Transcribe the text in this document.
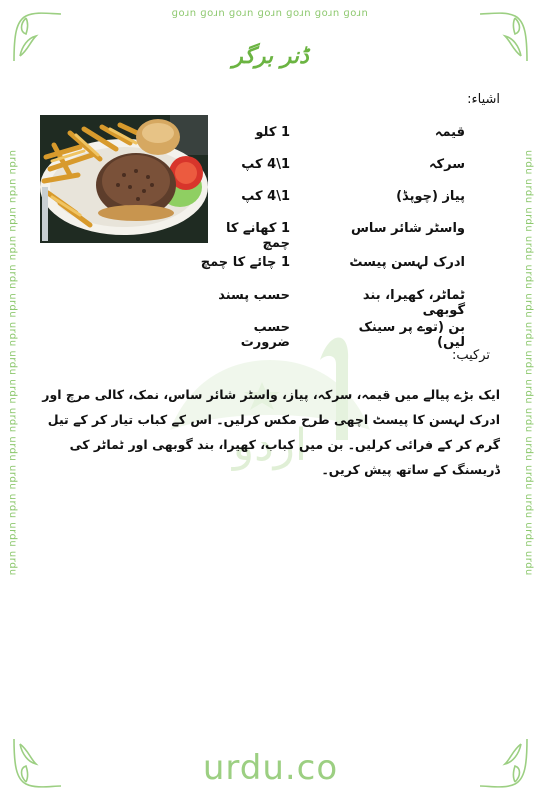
ɡoɹn ɡoɹn ɡoɹn ɡoɹn ɡoɹn ɡoɹn ɡoɹn
urdu urdu urdu urdu urdu urdu urdu urdu urdu urdu urdu urdu urdu urdu urdu	urdu urdu urdu urdu urdu urdu urdu urdu urdu urdu urdu urdu urdu urdu urdu
ڈنر برگر
اشیاء:
قیمہ
1 کلو
سرکہ
1\4 کپ
پیاز (چوپڈ)
1\4 کپ
واسٹر شائر ساس
1 کھانے کا چمچ
ادرک لہسن پیسٹ
1 چائے کا چمچ
ٹماٹر، کھیرا، بند گوبھی
حسب پسند
بن (توے پر سینک لیں)
حسب ضرورت
اردو
ترکیب:
ایک بڑے پیالے میں قیمہ، سرکہ، پیاز، واسٹر شائر ساس، نمک، کالی مرچ اور ادرک لہسن کا پیسٹ اچھی طرح مکس کرلیں۔ اس کے کباب تیار کر کے تیل گرم کر کے فرائی کرلیں۔ بن میں کباب، کھیرا، بند گوبھی اور ٹماٹر کی ڈریسنگ کے ساتھ پیش کریں۔
urdu.co
